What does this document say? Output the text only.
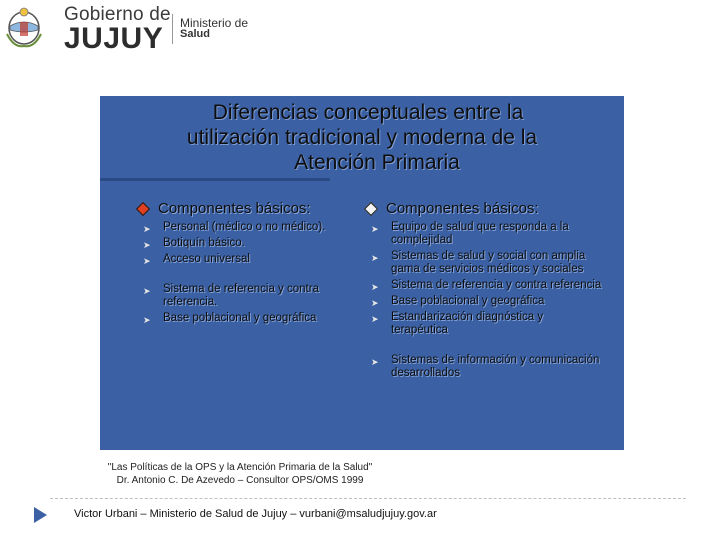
Gobierno de
JUJUY Ministerio de
Salud
Diferencias conceptuales entre la
utilización tradicional y moderna de la
Atención Primaria
Componentes básicos:
➤ Personal (médico o no médico).
➤ Botiquín básico.
➤ Acceso universal
➤ Sistema de referencia y contra referencia.
➤ Base poblacional y geográfica
Componentes básicos:
➤ Equipo de salud que responda a la complejidad
➤ Sistemas de salud y social con amplia gama de servicios médicos y sociales
➤ Sistema de referencia y contra referencia
➤ Base poblacional y geográfica
➤ Estandarización diagnóstica y terapéutica
➤ Sistemas de información y comunicación desarrollados
"Las Políticas de la OPS y la Atención Primaria de la Salud"
Dr. Antonio C. De Azevedo – Consultor OPS/OMS 1999
Victor Urbani – Ministerio de Salud de Jujuy – vurbani@msaludjujuy.gov.ar
